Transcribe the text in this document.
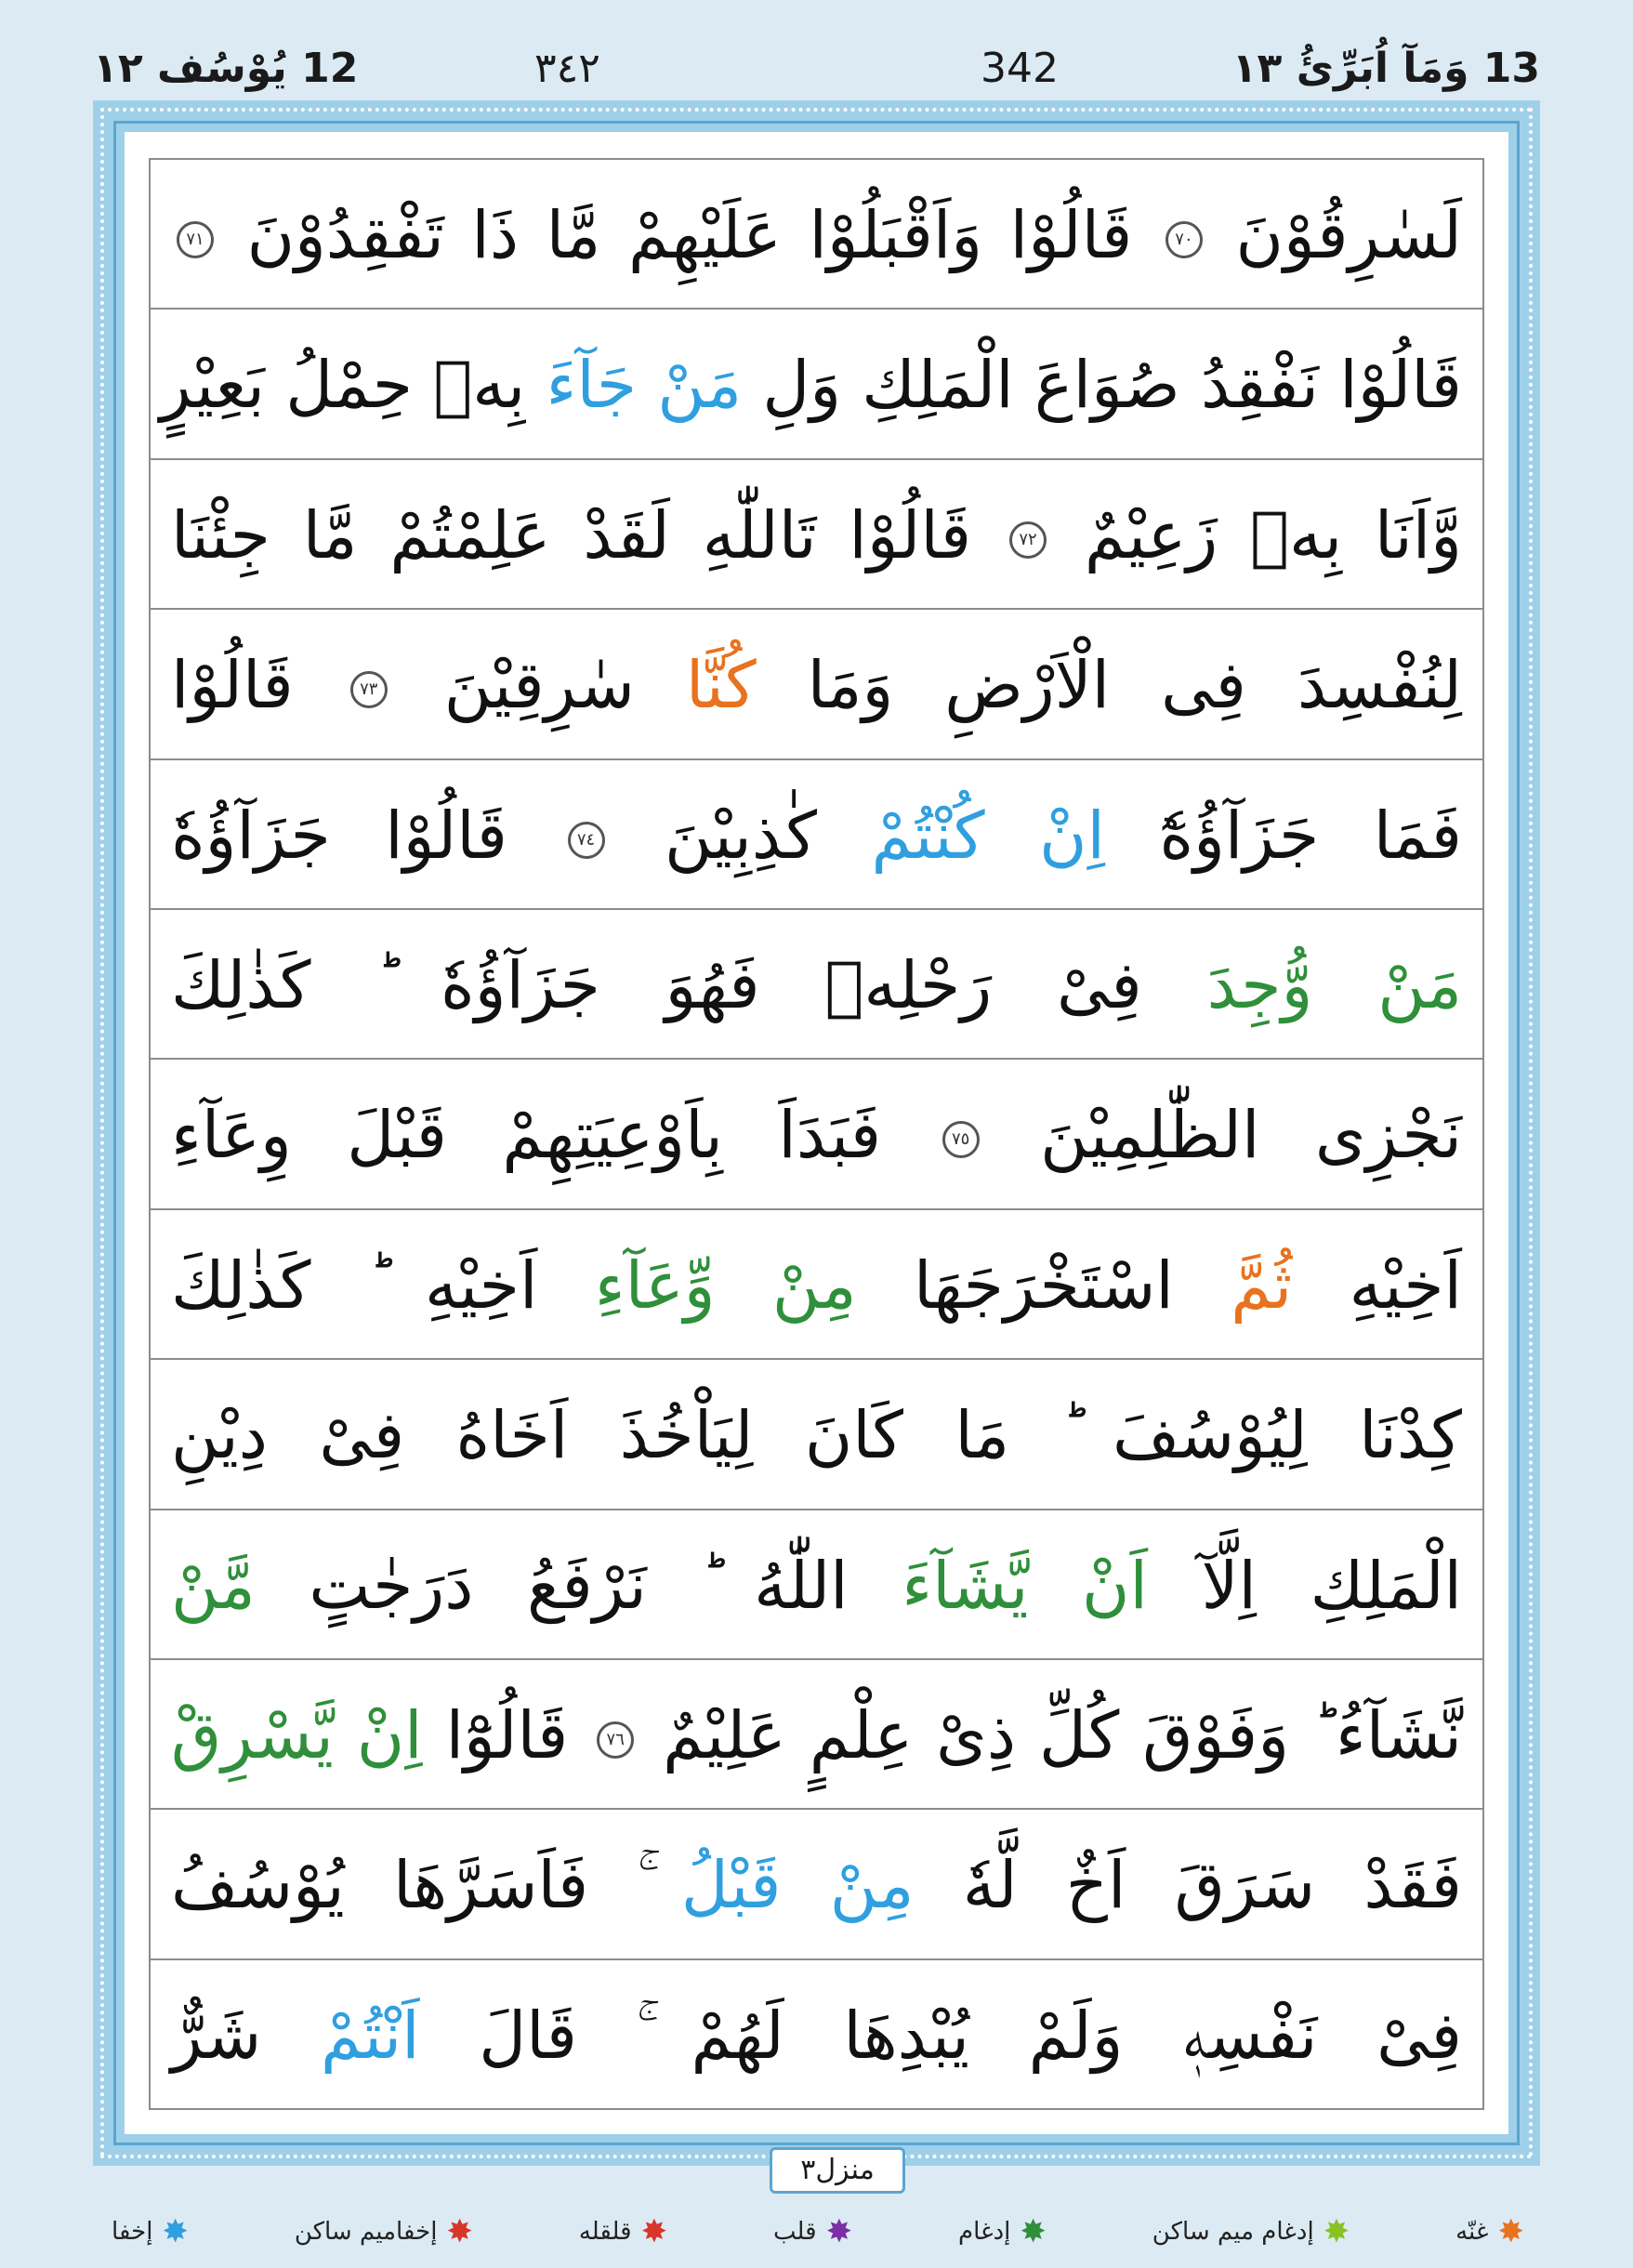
13 وَمَآ اُبَرِّئُ ١٣
342
٣٤٢
12 يُوْسُف ١٢
لَسٰرِقُوْنَ ٧٠ قَالُوْا وَاَقْبَلُوْا عَلَيْهِمْ مَّا ذَا تَفْقِدُوْنَ ٧١
قَالُوْا نَفْقِدُ صُوَاعَ الْمَلِكِ وَلِ مَنْ جَآءَ بِهٖ حِمْلُ بَعِيْرٍ
وَّاَنَا بِهٖ زَعِيْمٌ ٧٢ قَالُوْا تَاللّٰهِ لَقَدْ عَلِمْتُمْ مَّا جِئْنَا
لِنُفْسِدَ فِى الْاَرْضِ وَمَا كُنَّا سٰرِقِيْنَ ٧٣ قَالُوْا
فَمَا جَزَآؤُهٗٓ اِنْ كُنْتُمْ كٰذِبِيْنَ ٧٤ قَالُوْا جَزَآؤُهٗ
مَنْ وُّجِدَ فِىْ رَحْلِهٖ فَهُوَ جَزَآؤُهٗ ؕ كَذٰلِكَ
نَجْزِى الظّٰلِمِيْنَ ٧٥ فَبَدَاَ بِاَوْعِيَتِهِمْ قَبْلَ وِعَآءِ
اَخِيْهِ ثُمَّ اسْتَخْرَجَهَا مِنْ وِّعَآءِ اَخِيْهِ ؕ كَذٰلِكَ
كِدْنَا لِيُوْسُفَ ؕ مَا كَانَ لِيَاْخُذَ اَخَاهُ فِىْ دِيْنِ
الْمَلِكِ اِلَّآ اَنْ يَّشَآءَ اللّٰهُ ؕ نَرْفَعُ دَرَجٰتٍ مَّنْ
نَّشَآءُ ؕ وَفَوْقَ كُلِّ ذِىْ عِلْمٍ عَلِيْمٌ ٧٦ قَالُوْٓا اِنْ يَّسْرِقْ
فَقَدْ سَرَقَ اَخٌ لَّهٗ مِنْ قَبْلُ ۚ فَاَسَرَّهَا يُوْسُفُ
فِىْ نَفْسِهٖ وَلَمْ يُبْدِهَا لَهُمْ ۚ قَالَ اَنْتُمْ شَرٌّ
منزل٣
✸
إخفا	✸
إخفاميم ساكن	✸
قلقله	✸
قلب	✸
إدغام	✸
إدغام ميم ساكن	✸
غنّه
